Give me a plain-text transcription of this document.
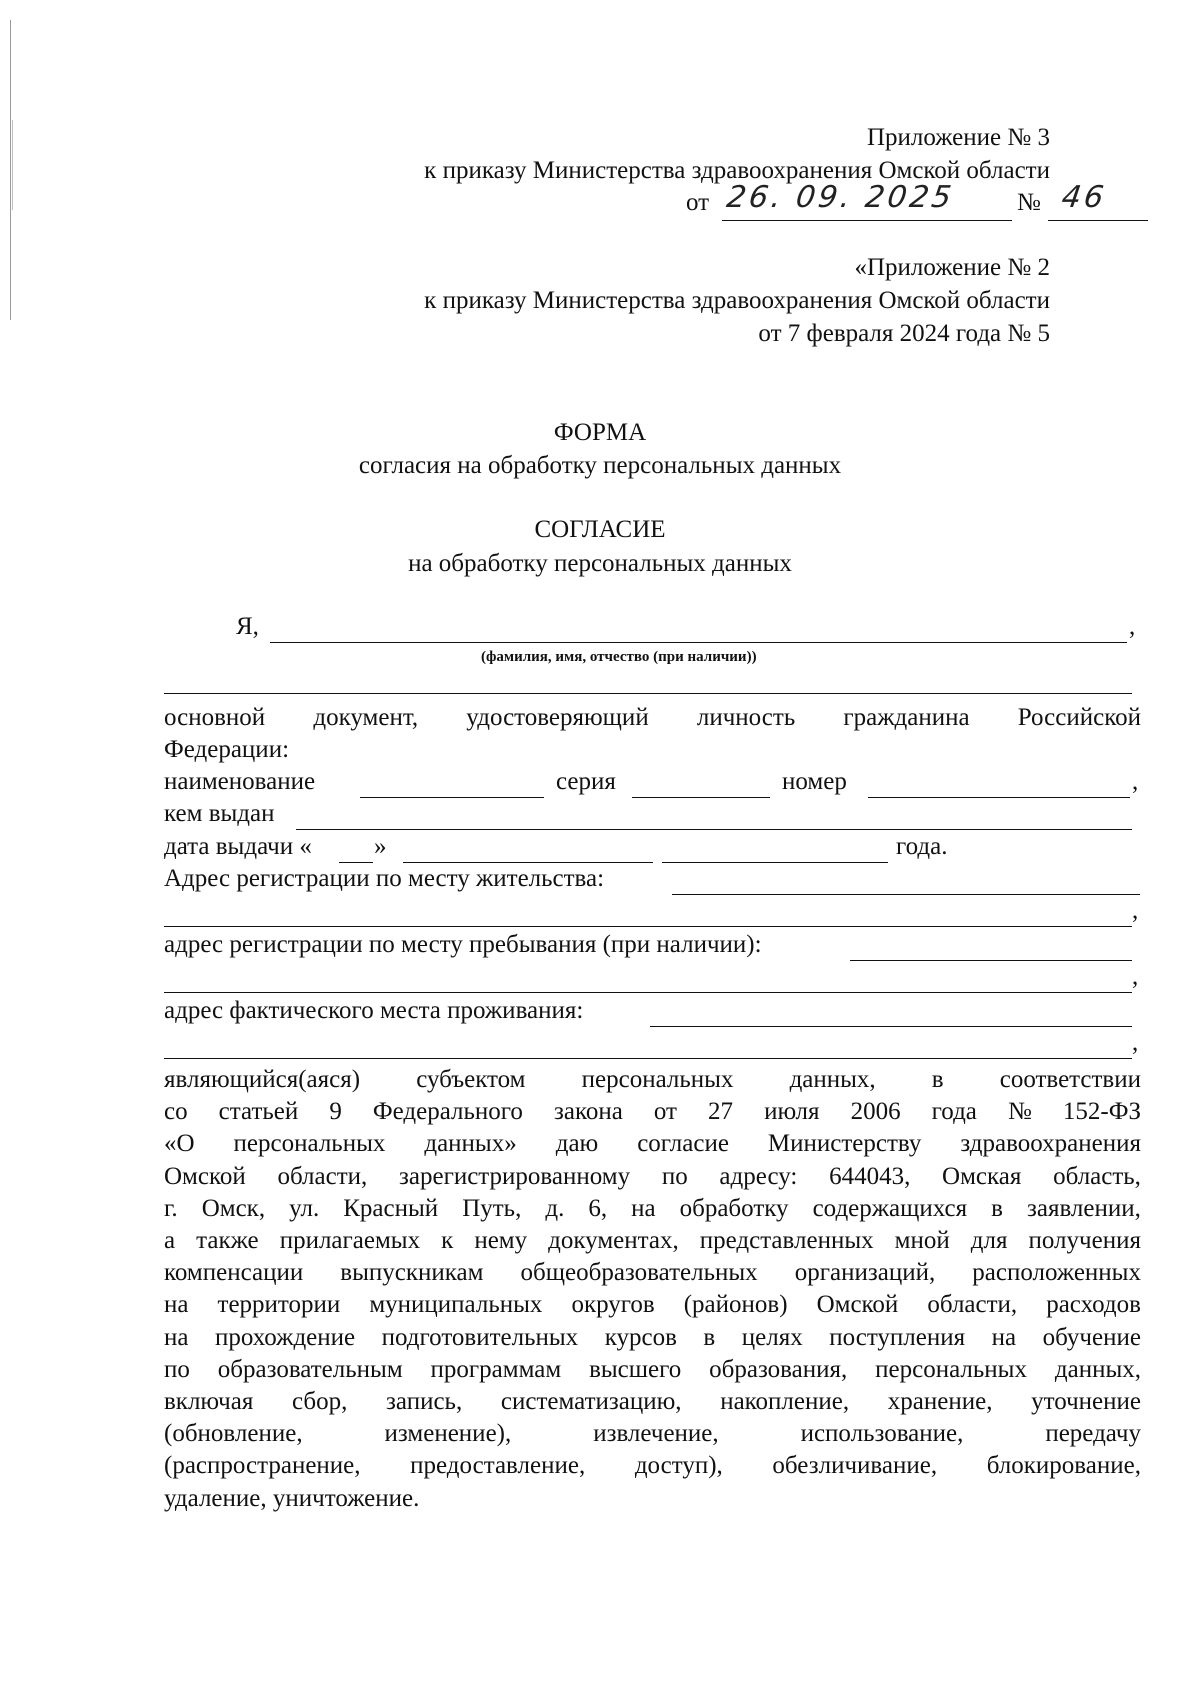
Приложение № 3
к приказу Министерства здравоохранения Омской области
от 26. 09. 2025 № 46
«Приложение № 2
к приказу Министерства здравоохранения Омской области
от 7 февраля 2024 года № 5
ФОРМА
согласия на обработку персональных данных
СОГЛАСИЕ
на обработку персональных данных
Я,	,
(фамилия, имя, отчество (при наличии))
основной документ, удостоверяющий личность гражданина Российской
Федерации:
наименование	серия	номер	,
кем выдан
дата выдачи « »	года.
Адрес регистрации по месту жительства:
,
адрес регистрации по месту пребывания (при наличии):
,
адрес фактического места проживания:
,
являющийся(аяся) субъектом персональных данных, в соответствии
со статьей 9 Федерального закона от 27 июля 2006 года № 152-ФЗ
«О персональных данных» даю согласие Министерству здравоохранения
Омской области, зарегистрированному по адресу: 644043, Омская область,
г. Омск, ул. Красный Путь, д. 6, на обработку содержащихся в заявлении,
а также прилагаемых к нему документах, представленных мной для получения
компенсации выпускникам общеобразовательных организаций, расположенных
на территории муниципальных округов (районов) Омской области, расходов
на прохождение подготовительных курсов в целях поступления на обучение
по образовательным программам высшего образования, персональных данных,
включая сбор, запись, систематизацию, накопление, хранение, уточнение
(обновление,	изменение),	извлечение,	использование,	передачу
(распространение, предоставление, доступ), обезличивание, блокирование,
удаление, уничтожение.
